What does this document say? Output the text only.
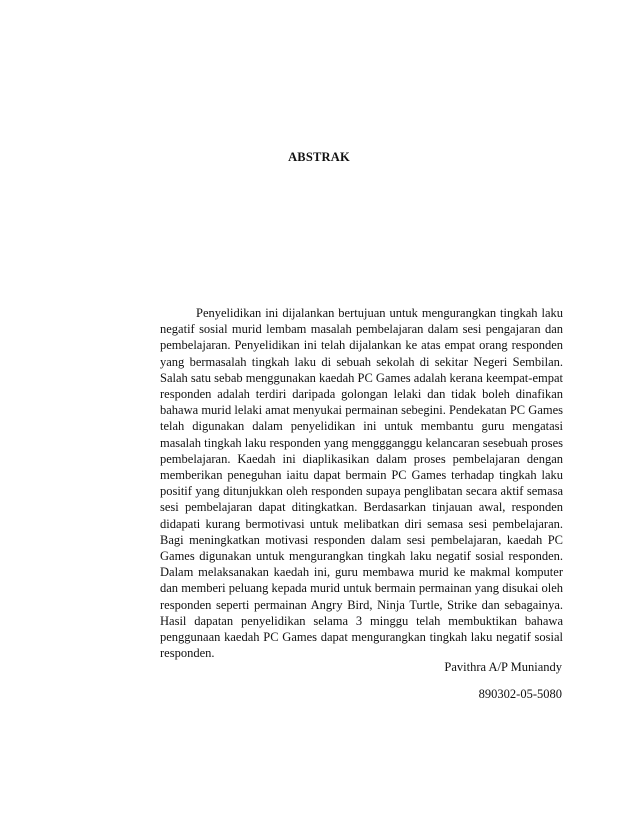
ABSTRAK

Penyelidikan ini dijalankan bertujuan untuk mengurangkan tingkah laku negatif sosial murid lembam masalah pembelajaran dalam sesi pengajaran dan pembelajaran. Penyelidikan ini telah dijalankan ke atas empat orang responden yang bermasalah tingkah laku di sebuah sekolah di sekitar Negeri Sembilan. Salah satu sebab menggunakan kaedah PC Games adalah kerana keempat-empat responden adalah terdiri daripada golongan lelaki dan tidak boleh dinafikan bahawa murid lelaki amat menyukai permainan sebegini. Pendekatan PC Games telah digunakan dalam penyelidikan ini untuk membantu guru mengatasi masalah tingkah laku responden yang menggganggu kelancaran sesebuah proses pembelajaran. Kaedah ini diaplikasikan dalam proses pembelajaran dengan memberikan peneguhan iaitu dapat bermain PC Games terhadap tingkah laku positif yang ditunjukkan oleh responden supaya penglibatan secara aktif semasa sesi pembelajaran dapat ditingkatkan. Berdasarkan tinjauan awal, responden didapati kurang bermotivasi untuk melibatkan diri semasa sesi pembelajaran. Bagi meningkatkan motivasi responden dalam sesi pembelajaran, kaedah PC Games digunakan untuk mengurangkan tingkah laku negatif sosial responden. Dalam melaksanakan kaedah ini, guru membawa murid ke makmal komputer dan memberi peluang kepada murid untuk bermain permainan yang disukai oleh responden seperti permainan Angry Bird, Ninja Turtle, Strike dan sebagainya. Hasil dapatan penyelidikan selama 3 minggu telah membuktikan bahawa penggunaan kaedah PC Games dapat mengurangkan tingkah laku negatif sosial responden.

Pavithra A/P Muniandy
890302-05-5080
